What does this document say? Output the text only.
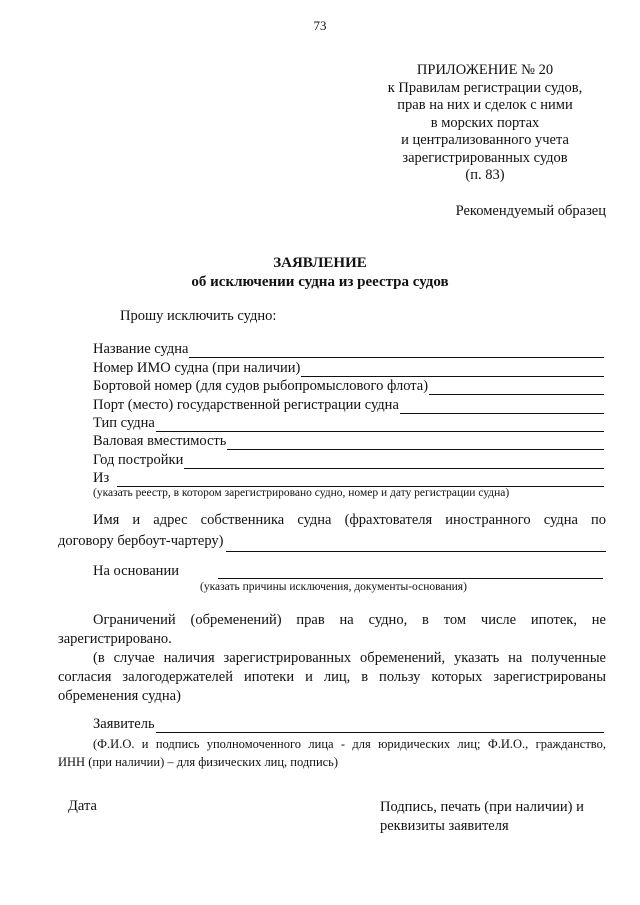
73
ПРИЛОЖЕНИЕ № 20
к Правилам регистрации судов,
прав на них и сделок с ними
в морских портах
и централизованного учета
зарегистрированных судов
(п. 83)
Рекомендуемый образец
ЗАЯВЛЕНИЕ
об исключении судна из реестра судов
Прошу исключить судно:
Название судна
Номер ИМО судна (при наличии)
Бортовой номер (для судов рыбопромыслового флота)
Порт (место) государственной регистрации судна
Тип судна
Валовая вместимость
Год постройки
Из
(указать реестр, в котором зарегистрировано судно, номер и дату регистрации судна)
Имя и адрес собственника судна (фрахтователя иностранного судна по
договору бербоут-чартеру)
На основании
(указать причины исключения, документы-основания)
Ограничений (обременений) прав на судно, в том числе ипотек, не
зарегистрировано.
(в случае наличия зарегистрированных обременений, указать на полученные
согласия залогодержателей ипотеки и лиц, в пользу которых зарегистрированы
обременения судна)
Заявитель
(Ф.И.О. и подпись уполномоченного лица - для юридических лиц; Ф.И.О., гражданство,
ИНН (при наличии) – для физических лиц, подпись)
Дата	Подпись, печать (при наличии) и
реквизиты заявителя
